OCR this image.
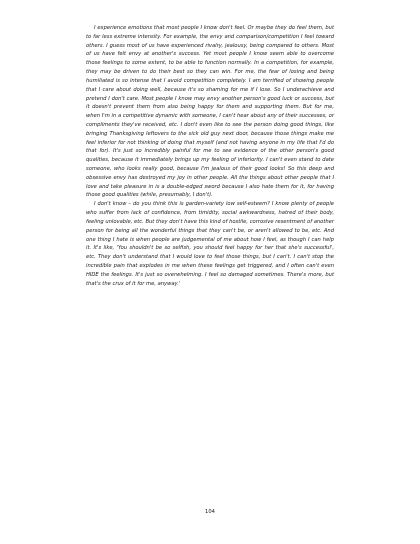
I experience emotions that most people I know don't feel. Or maybe they do feel them, but to far less extreme intensity. For example, the envy and comparison/competition I feel toward others. I guess most of us have experienced rivalry, jealousy, being compared to others. Most of us have felt envy at another's success. Yet most people I know seem able to overcome those feelings to some extent, to be able to function normally. In a competition, for example, they may be driven to do their best so they can win. For me, the fear of losing and being humiliated is so intense that I avoid competition completely. I am terrified of showing people that I care about doing well, because it's so shaming for me if I lose. So I underachieve and pretend I don't care. Most people I know may envy another person's good luck or success, but it doesn't prevent them from also being happy for them and supporting them. But for me, when I'm in a competitive dynamic with someone, I can't hear about any of their successes, or compliments they've received, etc. I don't even like to see the person doing good things, like bringing Thanksgiving leftovers to the sick old guy next door, because those things make me feel inferior for not thinking of doing that myself (and not having anyone in my life that I'd do that for). It's just so incredibly painful for me to see evidence of the other person's good qualities, because it immediately brings up my feeling of inferiority. I can't even stand to date someone, who looks really good, because I'm jealous of their good looks! So this deep and obsessive envy has destroyed my joy in other people. All the things about other people that I love and take pleasure in is a double-edged sword because I also hate them for it, for having those good qualities (while, presumably, I don't).

I don't know – do you think this is garden-variety low self-esteem? I know plenty of people who suffer from lack of confidence, from timidity, social awkwardness, hatred of their body, feeling unlovable, etc. But they don't have this kind of hostile, corrosive resentment of another person for being all the wonderful things that they can't be, or aren't allowed to be, etc. And one thing I hate is when people are judgemental of me about how I feel, as though I can help it. It's like, 'You shouldn't be so selfish, you should feel happy for her that she's successful', etc. They don't understand that I would love to feel those things, but I can't. I can't stop the incredible pain that explodes in me when these feelings get triggered, and I often can't even HIDE the feelings. It's just so overwhelming. I feel so damaged sometimes. There's more, but that's the crux of it for me, anyway.'

104
